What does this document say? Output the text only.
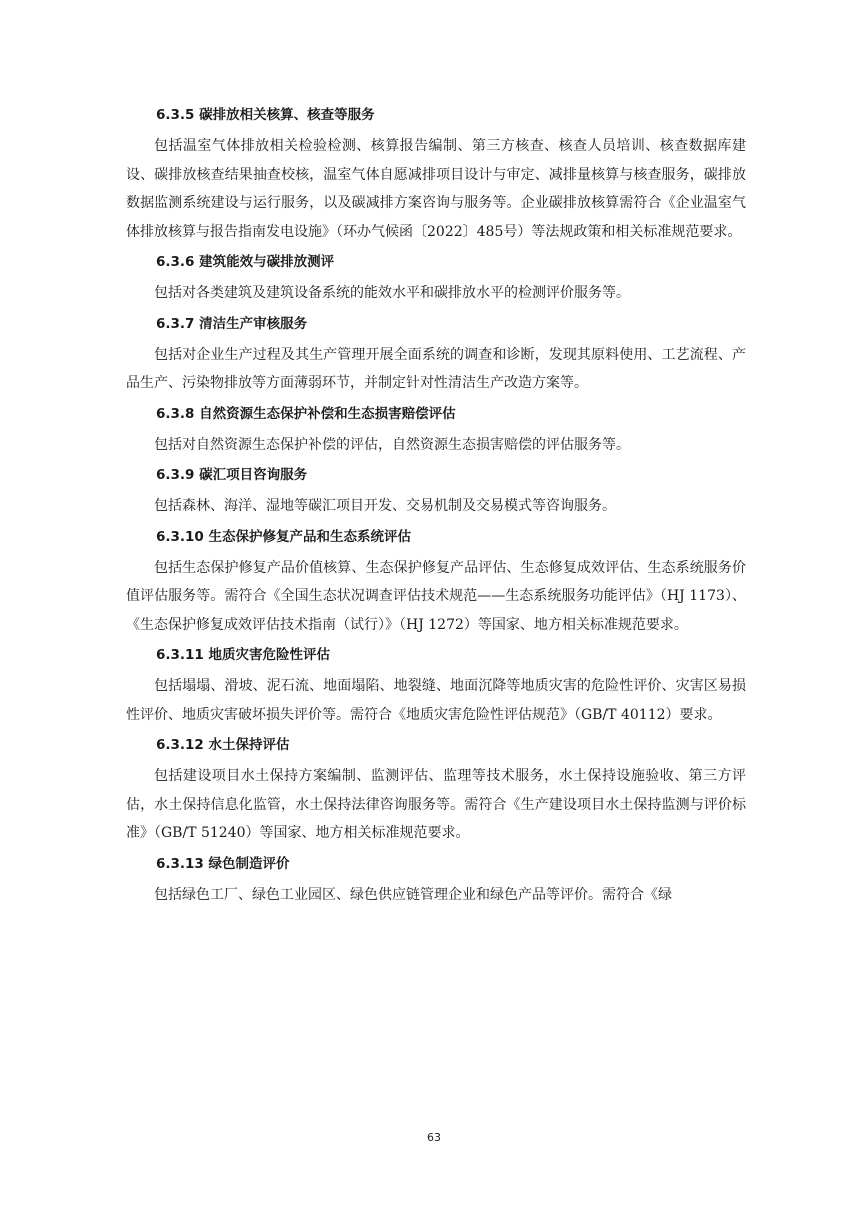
6.3.5 碳排放相关核算、核查等服务

包括温室气体排放相关检验检测、核算报告编制、第三方核查、核查人员培训、核查数据库建设、碳排放核查结果抽查校核，温室气体自愿减排项目设计与审定、减排量核算与核查服务，碳排放数据监测系统建设与运行服务，以及碳减排方案咨询与服务等。企业碳排放核算需符合《企业温室气体排放核算与报告指南发电设施》（环办气候函〔2022〕485号）等法规政策和相关标准规范要求。

6.3.6 建筑能效与碳排放测评

包括对各类建筑及建筑设备系统的能效水平和碳排放水平的检测评价服务等。

6.3.7 清洁生产审核服务

包括对企业生产过程及其生产管理开展全面系统的调查和诊断，发现其原料使用、工艺流程、产品生产、污染物排放等方面薄弱环节，并制定针对性清洁生产改造方案等。

6.3.8 自然资源生态保护补偿和生态损害赔偿评估

包括对自然资源生态保护补偿的评估，自然资源生态损害赔偿的评估服务等。

6.3.9 碳汇项目咨询服务

包括森林、海洋、湿地等碳汇项目开发、交易机制及交易模式等咨询服务。

6.3.10 生态保护修复产品和生态系统评估

包括生态保护修复产品价值核算、生态保护修复产品评估、生态修复成效评估、生态系统服务价值评估服务等。需符合《全国生态状况调查评估技术规范——生态系统服务功能评估》（HJ 1173）、《生态保护修复成效评估技术指南（试行）》（HJ 1272）等国家、地方相关标准规范要求。

6.3.11 地质灾害危险性评估

包括塌塌、滑坡、泥石流、地面塌陷、地裂缝、地面沉降等地质灾害的危险性评价、灾害区易损性评价、地质灾害破坏损失评价等。需符合《地质灾害危险性评估规范》（GB/T 40112）要求。

6.3.12 水土保持评估

包括建设项目水土保持方案编制、监测评估、监理等技术服务，水土保持设施验收、第三方评估，水土保持信息化监管，水土保持法律咨询服务等。需符合《生产建设项目水土保持监测与评价标准》（GB/T 51240）等国家、地方相关标准规范要求。

6.3.13 绿色制造评价

包括绿色工厂、绿色工业园区、绿色供应链管理企业和绿色产品等评价。需符合《绿

63
